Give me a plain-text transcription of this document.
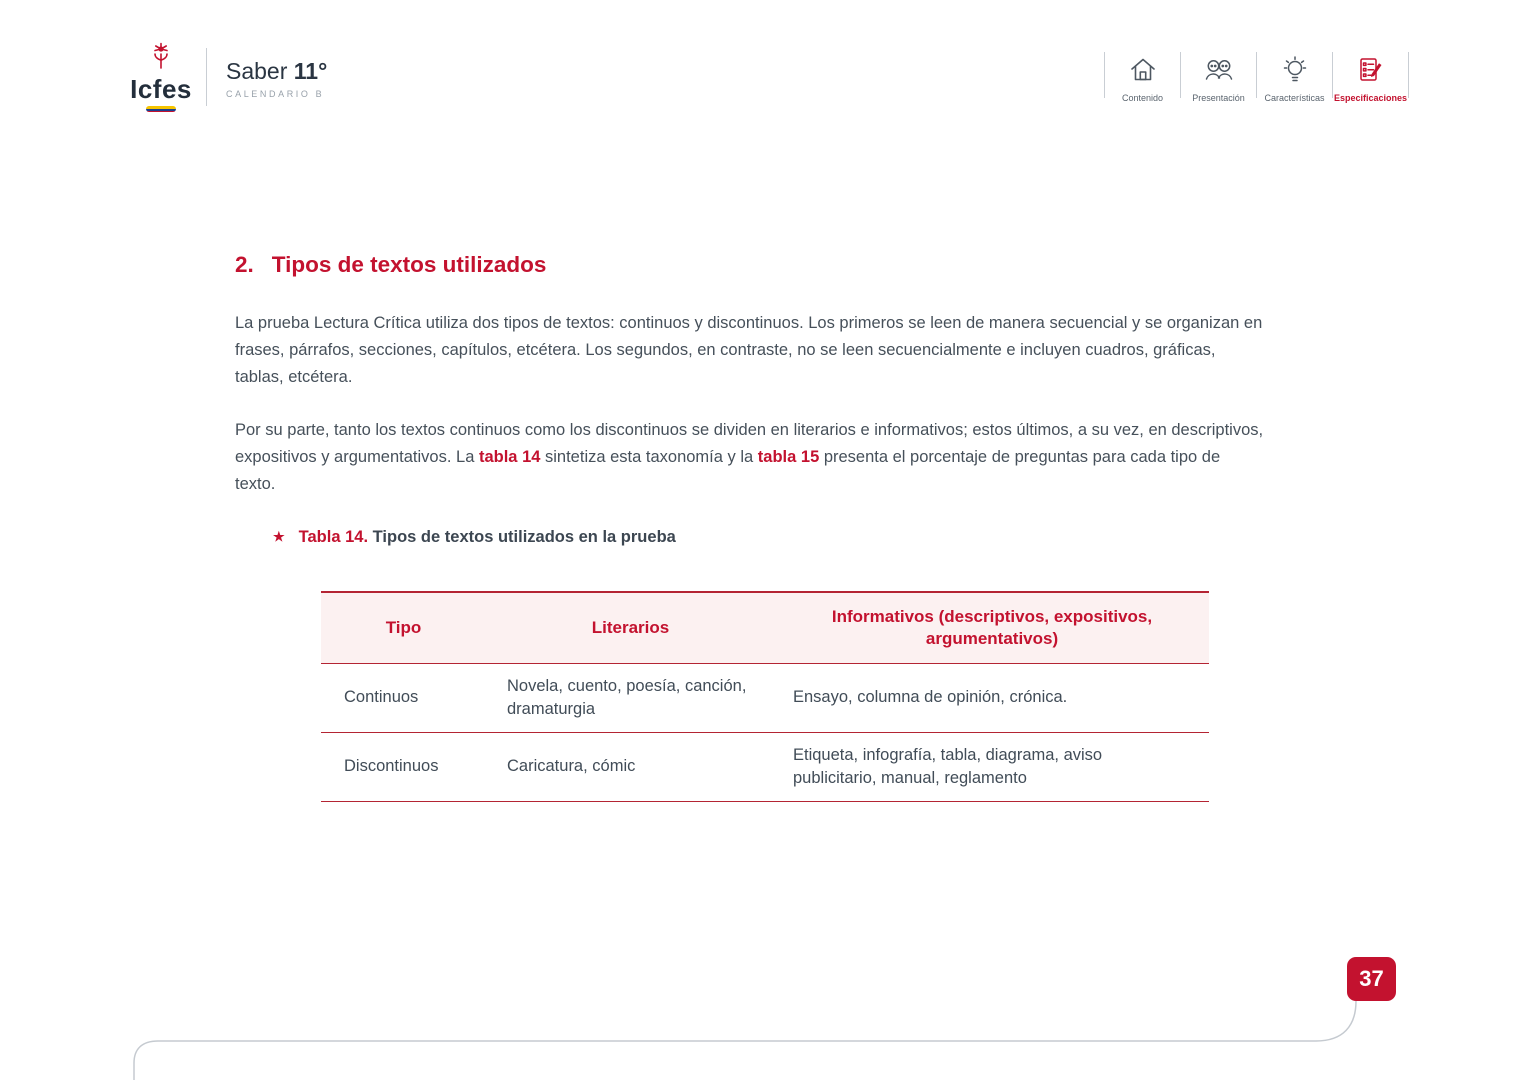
Icfes
Saber 11°
CALENDARIO B	Contenido	Presentación Características Especificaciones
2. Tipos de textos utilizados

La prueba Lectura Crítica utiliza dos tipos de textos: continuos y discontinuos. Los primeros se leen de manera secuencial y se organizan en frases, párrafos, secciones, capítulos, etcétera. Los segundos, en contraste, no se leen secuencialmente e incluyen cuadros, gráficas, tablas, etcétera.

Por su parte, tanto los textos continuos como los discontinuos se dividen en literarios e informativos; estos últimos, a su vez, en descriptivos, expositivos y argumentativos. La tabla 14 sintetiza esta taxonomía y la tabla 15 presenta el porcentaje de preguntas para cada tipo de texto.

★ Tabla 14. Tipos de textos utilizados en la prueba
Tipo	Literarios	Informativos (descriptivos, expositivos, argumentativos)
Continuos	Novela, cuento, poesía, canción, dramaturgia	Ensayo, columna de opinión, crónica.
Discontinuos	Caricatura, cómic	Etiqueta, infografía, tabla, diagrama, aviso publicitario, manual, reglamento
37
